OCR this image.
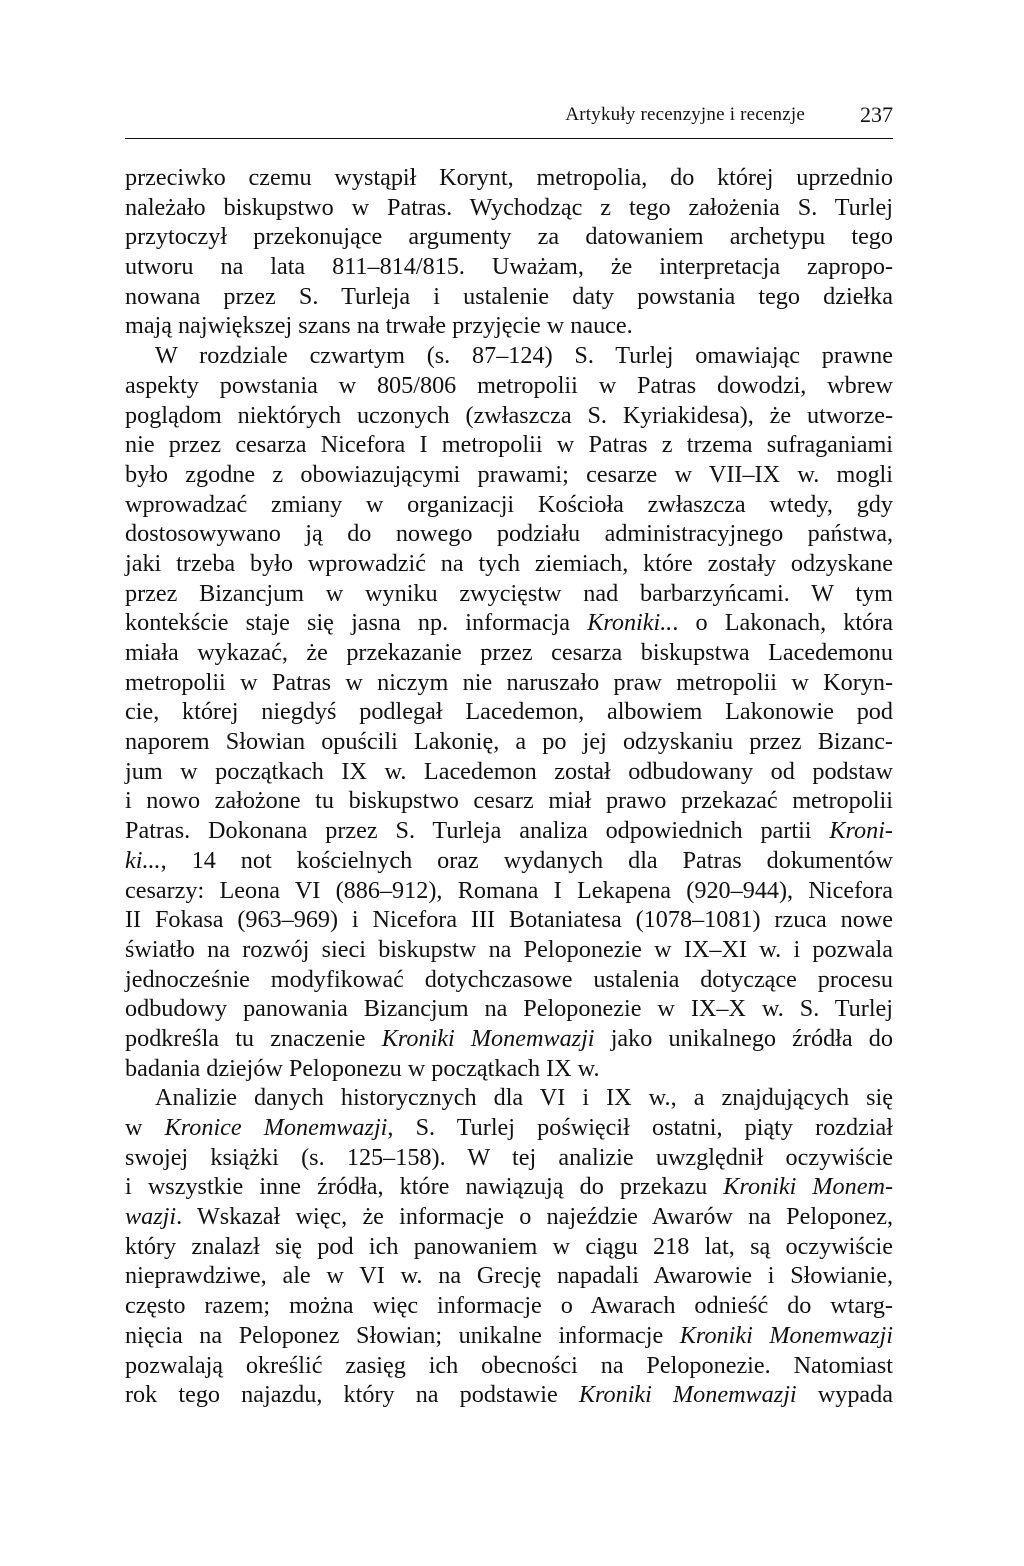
Artykuły recenzyjne i recenzje	237
przeciwko czemu wystąpił Korynt, metropolia, do której uprzednio
należało biskupstwo w Patras. Wychodząc z tego założenia S. Turlej
przytoczył przekonujące argumenty za datowaniem archetypu tego
utworu na lata 811–814/815. Uważam, że interpretacja zapropo-
nowana przez S. Turleja i ustalenie daty powstania tego dziełka
mają największej szans na trwałe przyjęcie w nauce.
W rozdziale czwartym (s. 87–124) S. Turlej omawiając prawne
aspekty powstania w 805/806 metropolii w Patras dowodzi, wbrew
poglądom niektórych uczonych (zwłaszcza S. Kyriakidesa), że utworze-
nie przez cesarza Nicefora I metropolii w Patras z trzema sufraganiami
było zgodne z obowiazującymi prawami; cesarze w VII–IX w. mogli
wprowadzać zmiany w organizacji Kościoła zwłaszcza wtedy, gdy
dostosowywano ją do nowego podziału administracyjnego państwa,
jaki trzeba było wprowadzić na tych ziemiach, które zostały odzyskane
przez Bizancjum w wyniku zwycięstw nad barbarzyńcami. W tym
kontekście staje się jasna np. informacja Kroniki... o Lakonach, która
miała wykazać, że przekazanie przez cesarza biskupstwa Lacedemonu
metropolii w Patras w niczym nie naruszało praw metropolii w Koryn-
cie, której niegdyś podlegał Lacedemon, albowiem Lakonowie pod
naporem Słowian opuścili Lakonię, a po jej odzyskaniu przez Bizanc-
jum w początkach IX w. Lacedemon został odbudowany od podstaw
i nowo założone tu biskupstwo cesarz miał prawo przekazać metropolii
Patras. Dokonana przez S. Turleja analiza odpowiednich partii Kroni-
ki..., 14 not kościelnych oraz wydanych dla Patras dokumentów
cesarzy: Leona VI (886–912), Romana I Lekapena (920–944), Nicefora
II Fokasa (963–969) i Nicefora III Botaniatesa (1078–1081) rzuca nowe
światło na rozwój sieci biskupstw na Peloponezie w IX–XI w. i pozwala
jednocześnie modyfikować dotychczasowe ustalenia dotyczące procesu
odbudowy panowania Bizancjum na Peloponezie w IX–X w. S. Turlej
podkreśla tu znaczenie Kroniki Monemwazji jako unikalnego źródła do
badania dziejów Peloponezu w początkach IX w.
Analizie danych historycznych dla VI i IX w., a znajdujących się
w Kronice Monemwazji, S. Turlej poświęcił ostatni, piąty rozdział
swojej książki (s. 125–158). W tej analizie uwzględnił oczywiście
i wszystkie inne źródła, które nawiązują do przekazu Kroniki Monem-
wazji. Wskazał więc, że informacje o najeździe Awarów na Peloponez,
który znalazł się pod ich panowaniem w ciągu 218 lat, są oczywiście
nieprawdziwe, ale w VI w. na Grecję napadali Awarowie i Słowianie,
często razem; można więc informacje o Awarach odnieść do wtarg-
nięcia na Peloponez Słowian; unikalne informacje Kroniki Monemwazji
pozwalają określić zasięg ich obecności na Peloponezie. Natomiast
rok tego najazdu, który na podstawie Kroniki Monemwazji wypada
